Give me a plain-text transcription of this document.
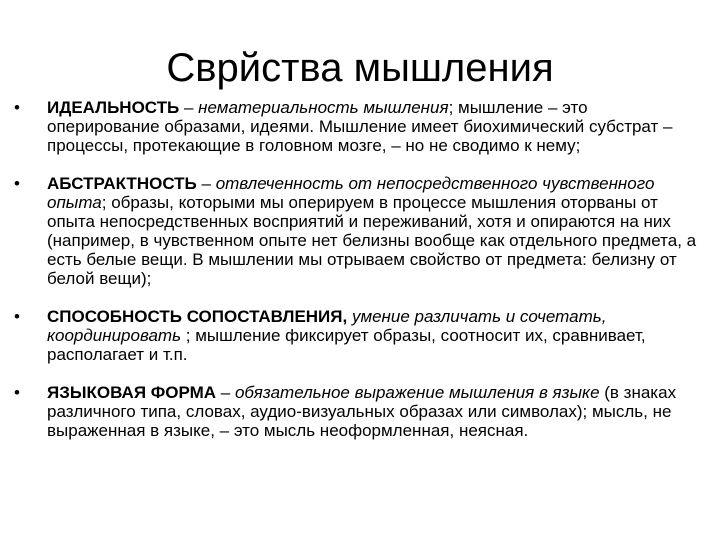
Сврйства мышления
• ИДЕАЛЬНОСТЬ – нематериальность мышления; мышление – это оперирование образами, идеями. Мышление имеет биохимический субстрат – процессы, протекающие в головном мозге, – но не сводимо к нему;
• АБСТРАКТНОСТЬ – отвлеченность от непосредственного чувственного опыта; образы, которыми мы оперируем в процессе мышления оторваны от опыта непосредственных восприятий и переживаний, хотя и опираются на них (например, в чувственном опыте нет белизны вообще как отдельного предмета, а есть белые вещи. В мышлении мы отрываем свойство от предмета: белизну от белой вещи);
• СПОСОБНОСТЬ СОПОСТАВЛЕНИЯ, умение различать и сочетать, координировать ; мышление фиксирует образы, соотносит их, сравнивает, располагает и т.п.
• ЯЗЫКОВАЯ ФОРМА – обязательное выражение мышления в языке (в знаках различного типа, словах, аудио-визуальных образах или символах); мысль, не выраженная в языке, – это мысль неоформленная, неясная.
